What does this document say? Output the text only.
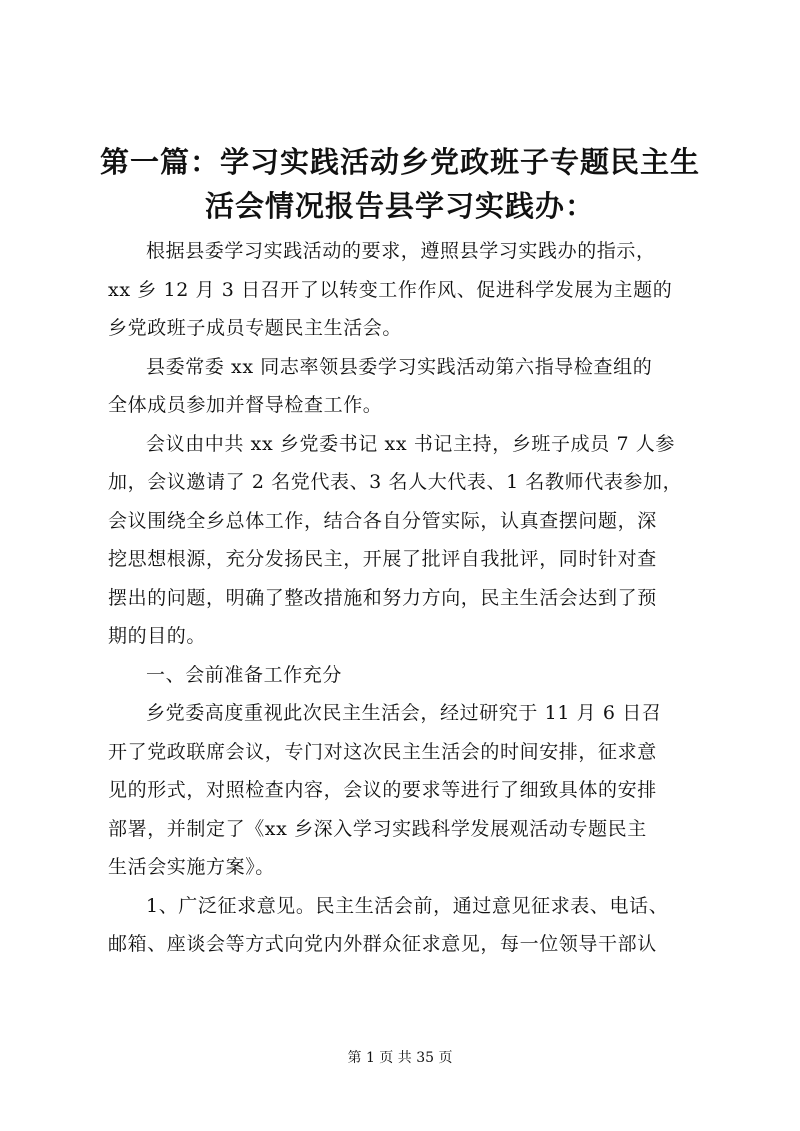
第一篇：学习实践活动乡党政班子专题民主生
活会情况报告县学习实践办：

根据县委学习实践活动的要求，遵照县学习实践办的指示，
xx 乡 12 月 3 日召开了以转变工作作风、促进科学发展为主题的
乡党政班子成员专题民主生活会。

县委常委 xx 同志率领县委学习实践活动第六指导检查组的
全体成员参加并督导检查工作。

会议由中共 xx 乡党委书记 xx 书记主持，乡班子成员 7 人参
加，会议邀请了 2 名党代表、3 名人大代表、1 名教师代表参加，
会议围绕全乡总体工作，结合各自分管实际，认真查摆问题，深
挖思想根源，充分发扬民主，开展了批评自我批评，同时针对查
摆出的问题，明确了整改措施和努力方向，民主生活会达到了预
期的目的。

一、会前准备工作充分

乡党委高度重视此次民主生活会，经过研究于 11 月 6 日召
开了党政联席会议，专门对这次民主生活会的时间安排，征求意
见的形式，对照检查内容，会议的要求等进行了细致具体的安排
部署，并制定了《xx 乡深入学习实践科学发展观活动专题民主
生活会实施方案》。

1、广泛征求意见。民主生活会前，通过意见征求表、电话、
邮箱、座谈会等方式向党内外群众征求意见，每一位领导干部认

第 1 页 共 35 页
